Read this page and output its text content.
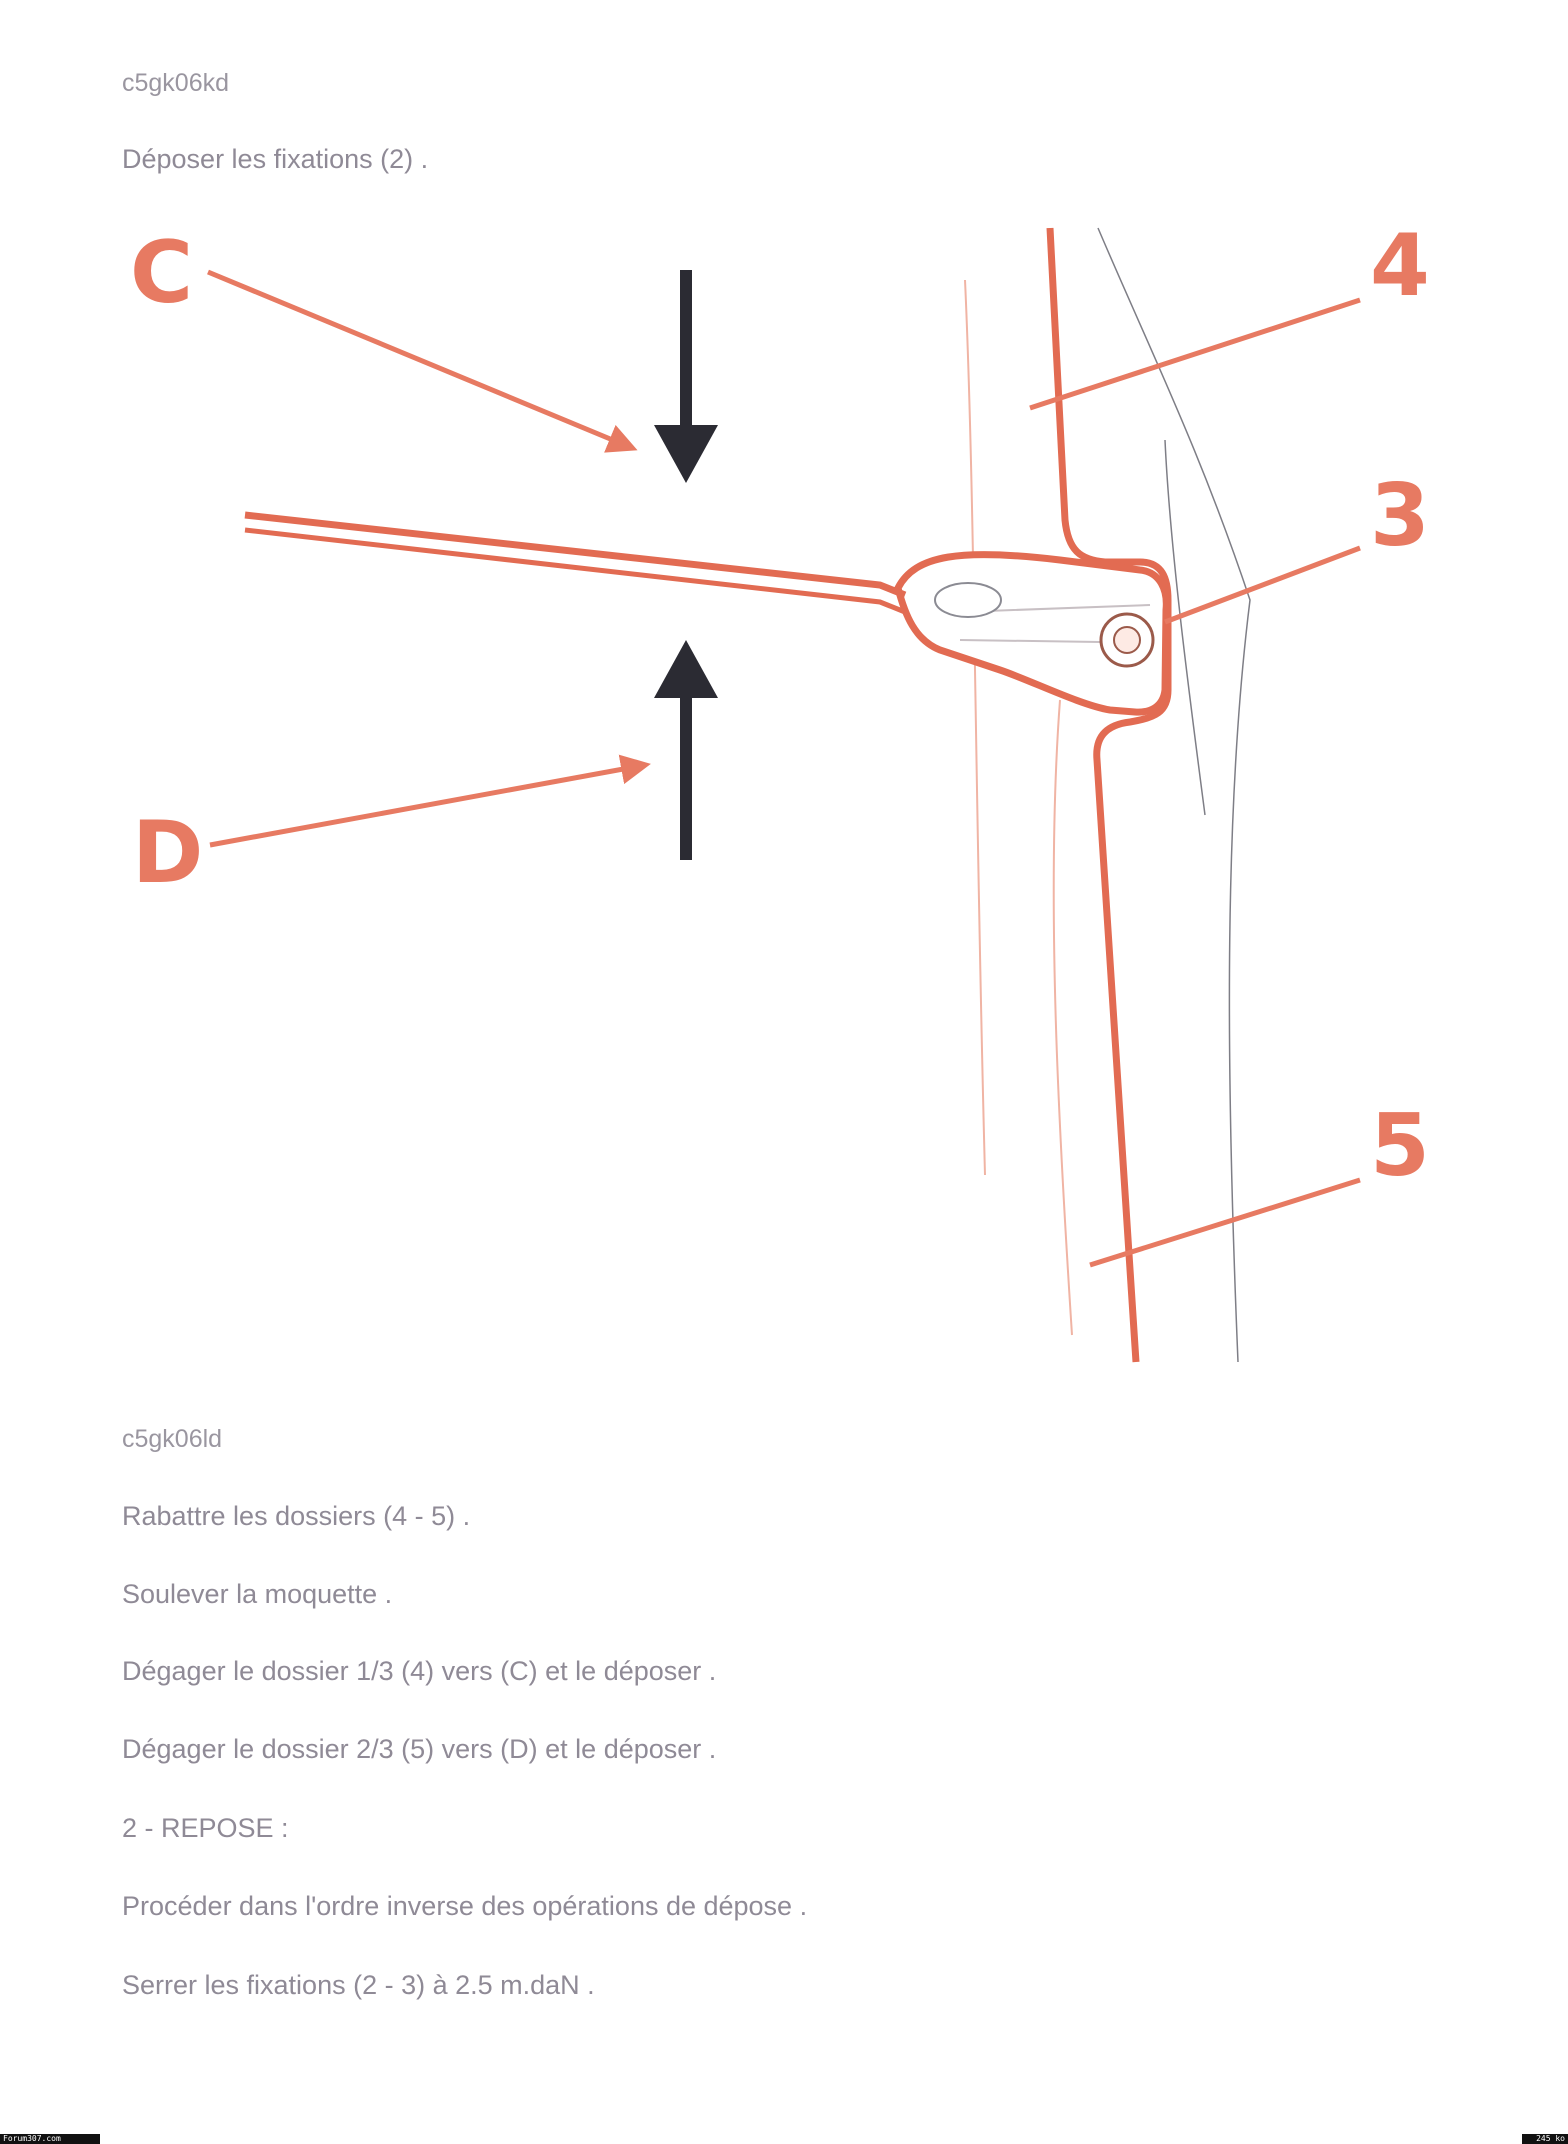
c5gk06kd
Déposer les fixations (2) .
C
D
4
3
5
c5gk06ld
Rabattre les dossiers (4 - 5) .
Soulever la moquette .
Dégager le dossier 1/3 (4) vers (C) et le déposer .
Dégager le dossier 2/3 (5) vers (D) et le déposer .
2 - REPOSE :
Procéder dans l'ordre inverse des opérations de dépose .
Serrer les fixations (2 - 3) à 2.5 m.daN .
Forum307.com	245 ko
